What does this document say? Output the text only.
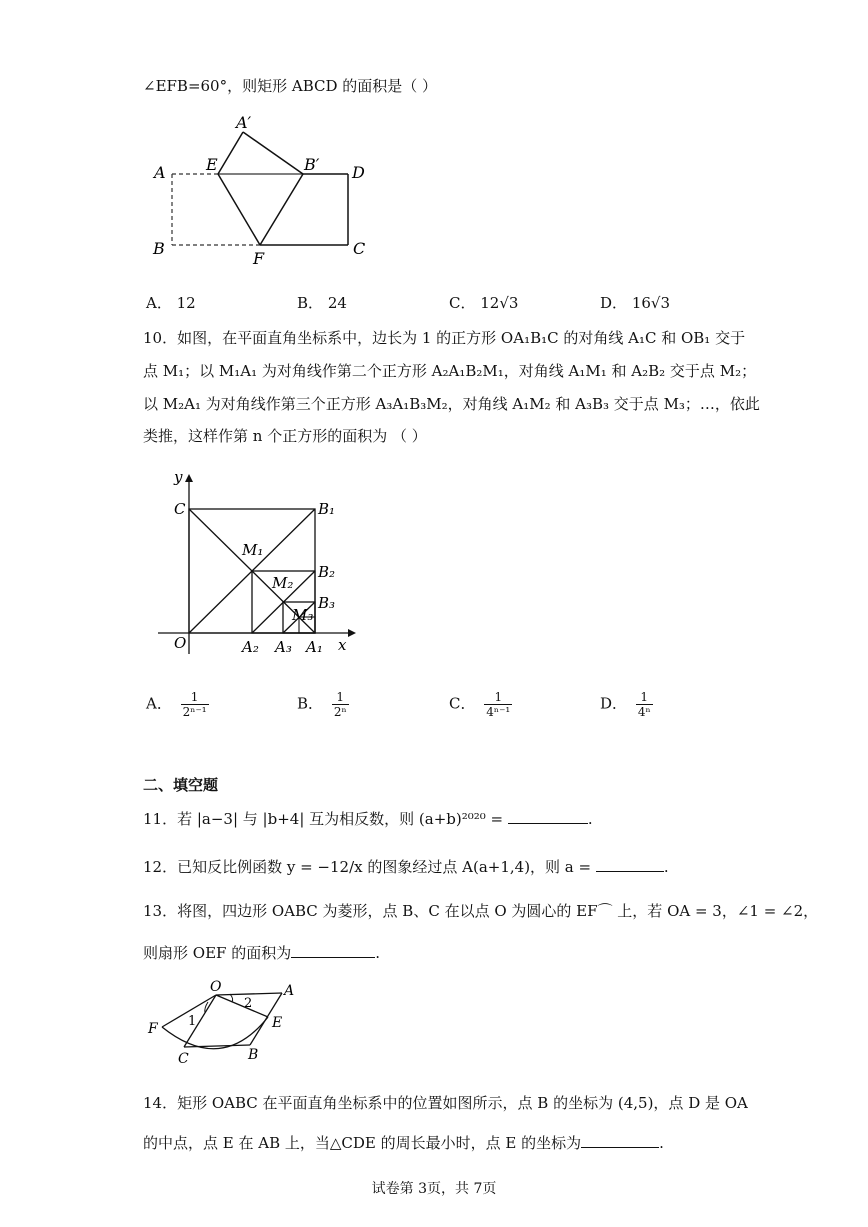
∠EFB=60°，则矩形 ABCD 的面积是（ ）
A′
A	E	B′ D
B
F
C
A． 12	B． 24	C． 12√3	D． 16√3
10．如图，在平面直角坐标系中，边长为 1 的正方形 OA₁B₁C 的对角线 A₁C 和 OB₁ 交于
点 M₁；以 M₁A₁ 为对角线作第二个正方形 A₂A₁B₂M₁，对角线 A₁M₁ 和 A₂B₂ 交于点 M₂；
以 M₂A₁ 为对角线作第三个正方形 A₃A₁B₃M₂，对角线 A₁M₂ 和 A₃B₃ 交于点 M₃；…，依此
类推，这样作第 n 个正方形的面积为 （ ）
y
x
C
O
B₁
M₁
M₂
B₂
B₃
M₃
A₂ A₃ A₁
A． $\frac{1}{\text{2ⁿ⁻¹}}$	B． $\frac{1}{\text{2ⁿ}}$	C． $\frac{1}{\text{4ⁿ⁻¹}}$	D． $\frac{1}{\text{4ⁿ}}$
二、填空题
11．若 |a−3| 与 |b+4| 互为相反数，则 (a+b)²⁰²⁰ =	.
12．已知反比例函数 y = −12/x 的图象经过点 A(a+1,4)，则 a =	.
13．将图，四边形 OABC 为菱形，点 B、C 在以点 O 为圆心的 EF⌒ 上，若 OA = 3，∠1 = ∠2，
则扇形 OEF 的面积为	.
O	A
F	E
C	B
1
2
14．矩形 OABC 在平面直角坐标系中的位置如图所示，点 B 的坐标为 (4,5)，点 D 是 OA
的中点，点 E 在 AB 上，当△CDE 的周长最小时，点 E 的坐标为	.
试卷第 3页，共 7页
